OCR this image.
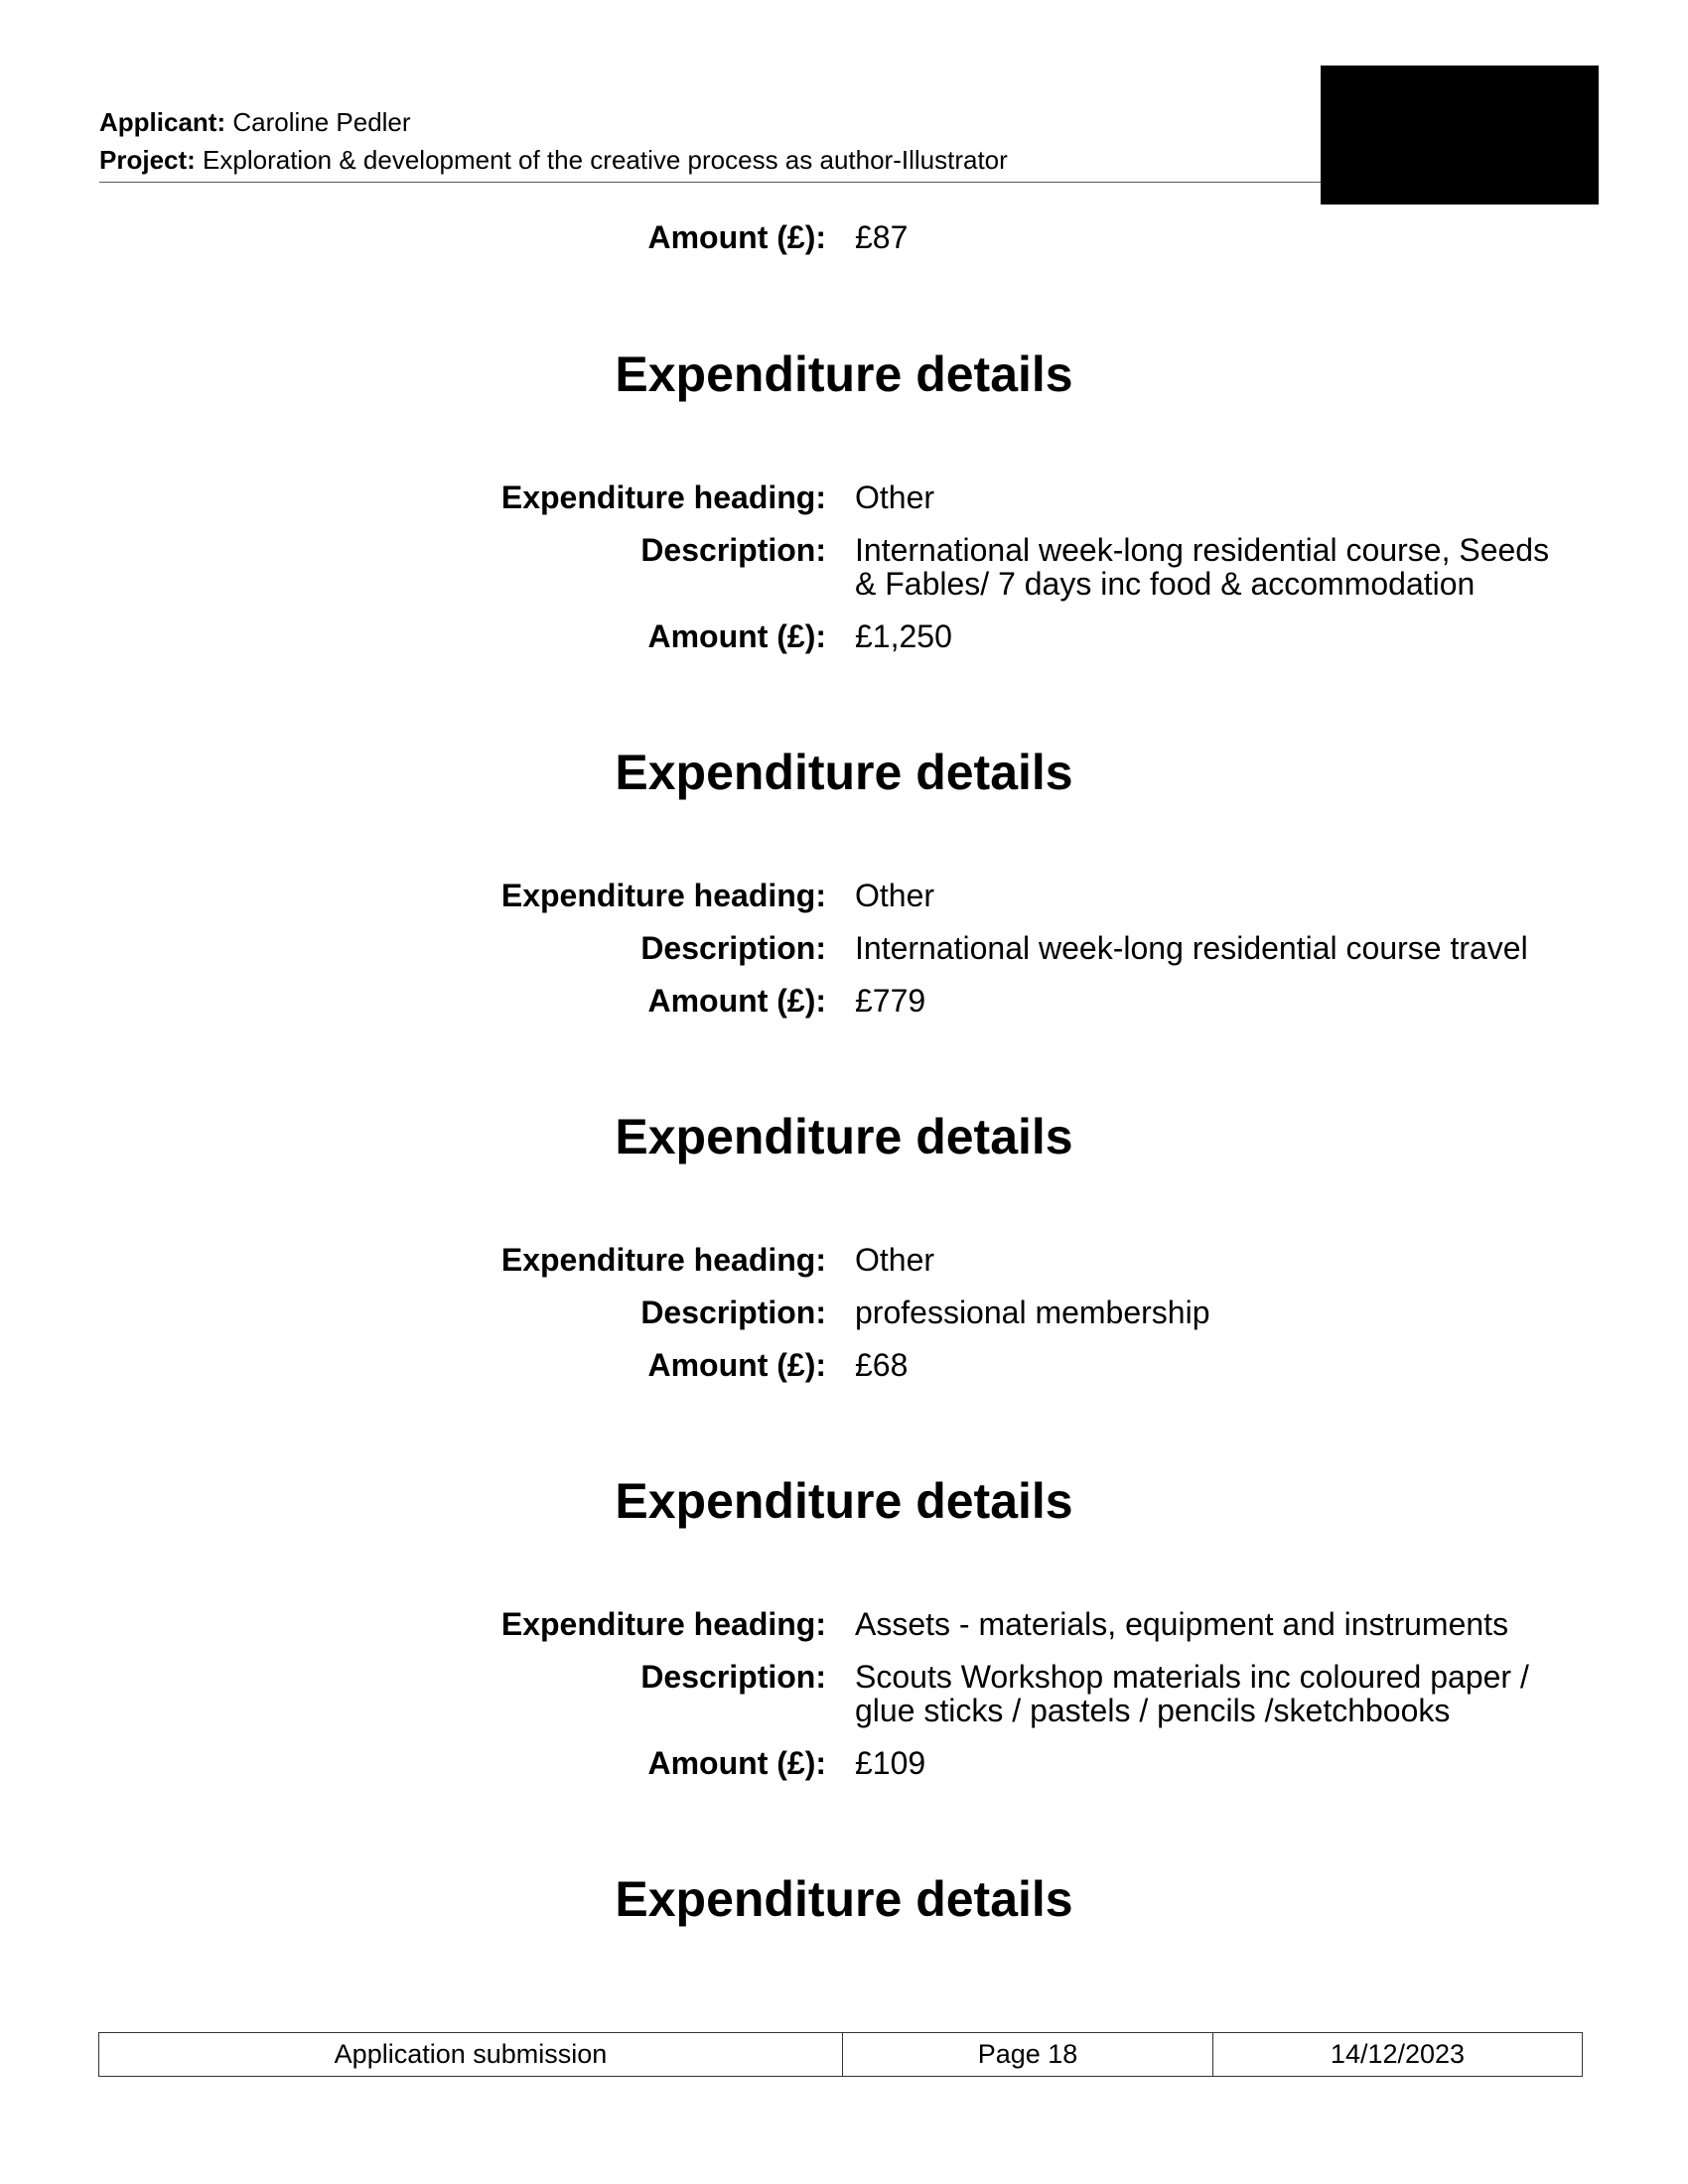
Applicant: Caroline Pedler
Project: Exploration & development of the creative process as author-Illustrator
Amount (£): £87
Expenditure details
Expenditure heading: Other
Description: International week-long residential course, Seeds
& Fables/ 7 days inc food & accommodation
Amount (£): £1,250
Expenditure details
Expenditure heading: Other
Description: International week-long residential course travel
Amount (£): £779
Expenditure details
Expenditure heading: Other
Description: professional membership
Amount (£): £68
Expenditure details
Expenditure heading: Assets - materials, equipment and instruments
Description: Scouts Workshop materials inc coloured paper /
glue sticks / pastels / pencils /sketchbooks
Amount (£): £109
Expenditure details
Application submission	Page 18	14/12/2023
